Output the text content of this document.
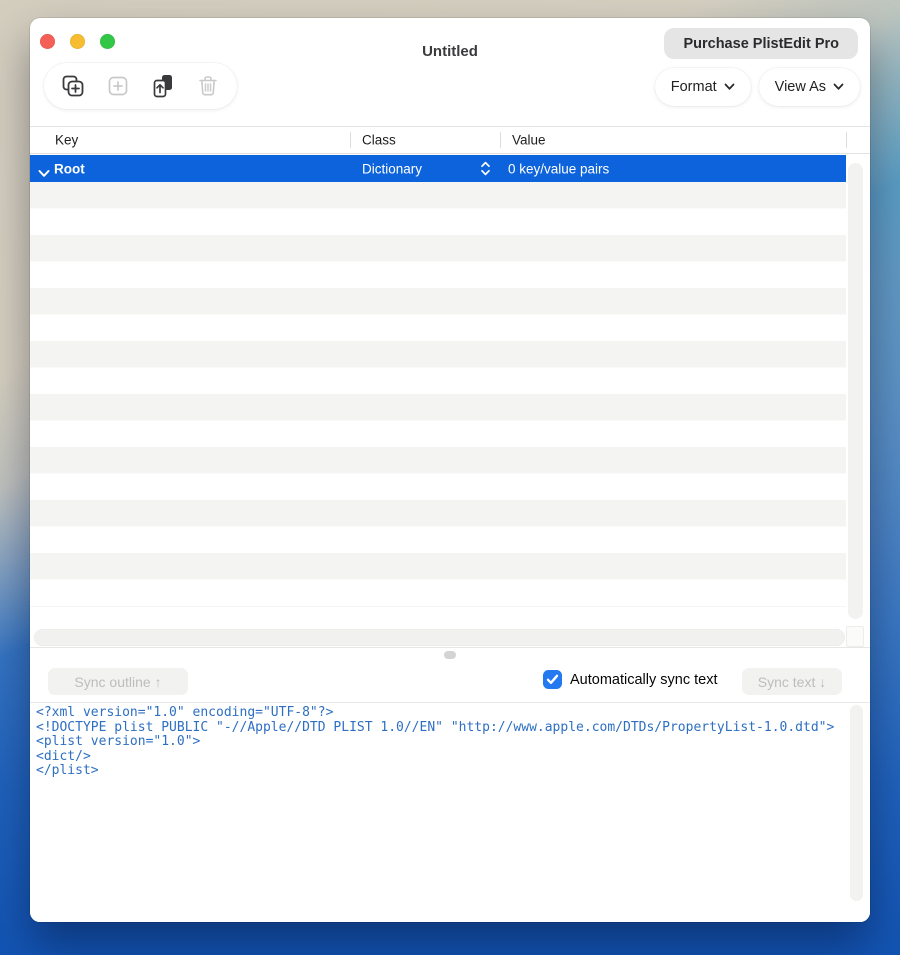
Untitled	Purchase PlistEdit Pro
Format	View As
Key	Class	Value
Root	Dictionary	0 key/value pairs
Sync outline ↑	Automatically sync text	Sync text ↓
<?xml version="1.0" encoding="UTF-8"?>
<!DOCTYPE plist PUBLIC "-//Apple//DTD PLIST 1.0//EN" "http://www.apple.com/DTDs/PropertyList-1.0.dtd">
<plist version="1.0">
<dict/>
</plist>
